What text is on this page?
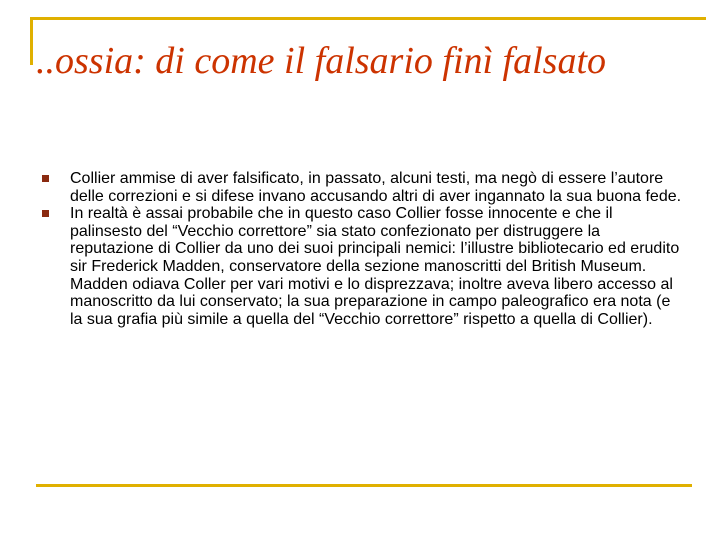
..ossia: di come il falsario finì falsato
Collier ammise di aver falsificato, in passato, alcuni testi, ma negò di essere l’autore delle correzioni e si difese invano accusando altri di aver ingannato la sua buona fede.
In realtà è assai probabile che in questo caso Collier fosse innocente e che il palinsesto del “Vecchio correttore” sia stato confezionato per distruggere la reputazione di Collier da uno dei suoi principali nemici: l’illustre bibliotecario ed erudito sir Frederick Madden, conservatore della sezione manoscritti del British Museum. Madden odiava Coller per vari motivi e lo disprezzava; inoltre aveva libero accesso al manoscritto da lui conservato; la sua preparazione in campo paleografico era nota (e la sua grafia più simile a quella del “Vecchio correttore” rispetto a quella di Collier).
